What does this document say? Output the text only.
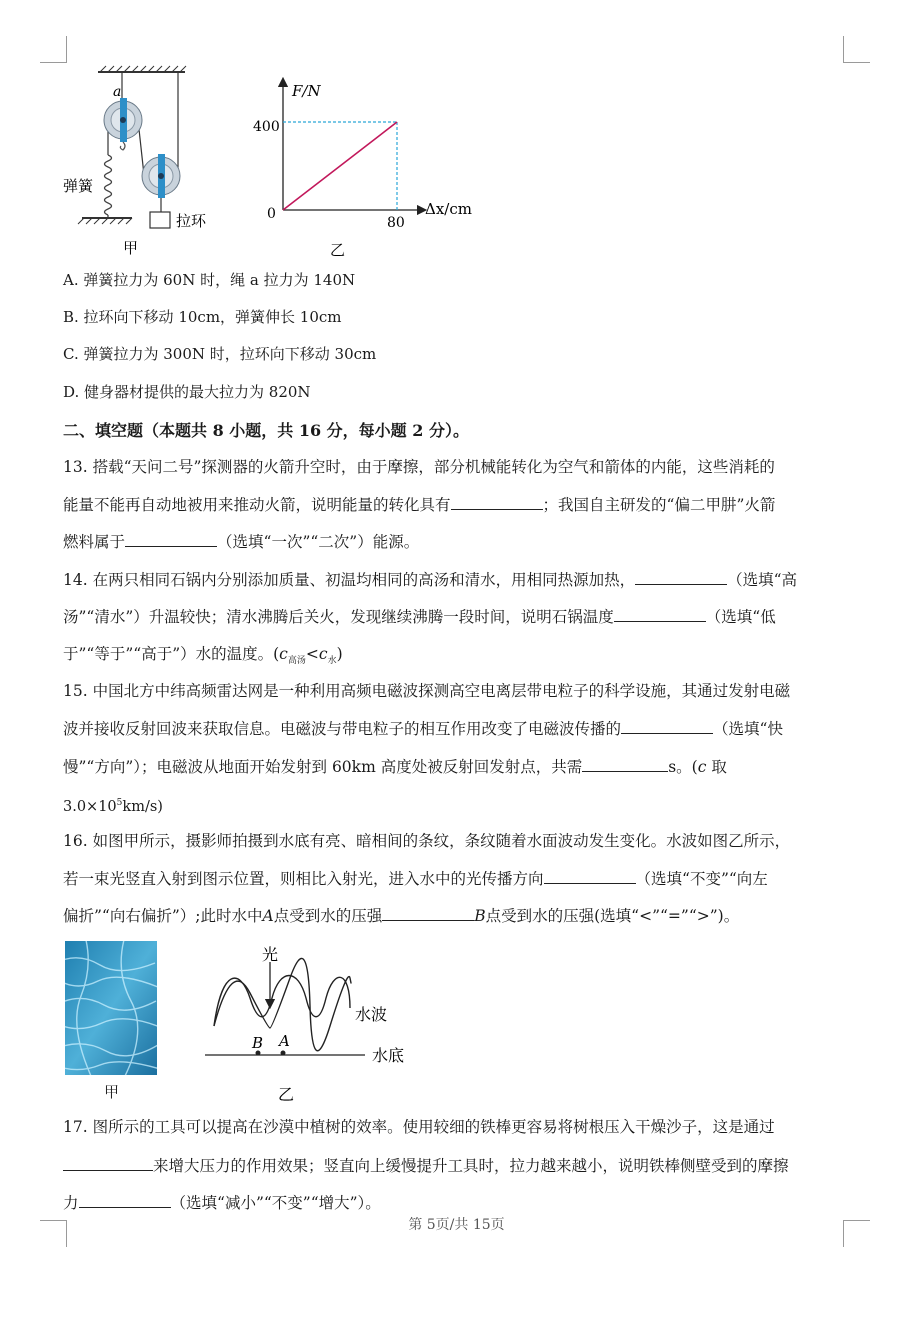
a
弹簧
拉环
甲
F/N
Δx/cm
0
400
80
乙
A. 弹簧拉力为 60N 时，绳 a 拉力为 140N
B. 拉环向下移动 10cm，弹簧伸长 10cm
C. 弹簧拉力为 300N 时，拉环向下移动 30cm
D. 健身器材提供的最大拉力为 820N
二、填空题（本题共 8 小题，共 16 分，每小题 2 分）。
13. 搭载“天问二号”探测器的火箭升空时，由于摩擦，部分机械能转化为空气和箭体的内能，这些消耗的
能量不能再自动地被用来推动火箭，说明能量的转化具有	；我国自主研发的“偏二甲肼”火箭
燃料属于	（选填“一次”“二次”）能源。
14. 在两只相同石锅内分别添加质量、初温均相同的高汤和清水，用相同热源加热，	（选填“高
汤”“清水”）升温较快；清水沸腾后关火，发现继续沸腾一段时间，说明石锅温度	（选填“低
于”“等于”“高于”）水的温度。$(c_{高汤}<c_水)$
15. 中国北方中纬高频雷达网是一种利用高频电磁波探测高空电离层带电粒子的科学设施，其通过发射电磁
波并接收反射回波来获取信息。电磁波与带电粒子的相互作用改变了电磁波传播的	（选填“快
慢”“方向”）；电磁波从地面开始发射到 60km 高度处被反射回发射点，共需	s。(c 取
$3.0\times 10^5km/s$)
16. 如图甲所示，摄影师拍摄到水底有亮、暗相间的条纹，条纹随着水面波动发生变化。水波如图乙所示，
若一束光竖直入射到图示位置，则相比入射光，进入水中的光传播方向	（选填“不变”“向左
偏折”“向右偏折”）;此时水中A点受到水的压强	B点受到水的压强(选填“<”“=”“>”)。
甲
光
水波
水底
B A
乙
17. 图所示的工具可以提高在沙漠中植树的效率。使用较细的铁棒更容易将树根压入干燥沙子，这是通过
来增大压力的作用效果；竖直向上缓慢提升工具时，拉力越来越小，说明铁棒侧壁受到的摩擦
力	（选填“减小”“不变”“增大”）。
第 5页/共 15页
